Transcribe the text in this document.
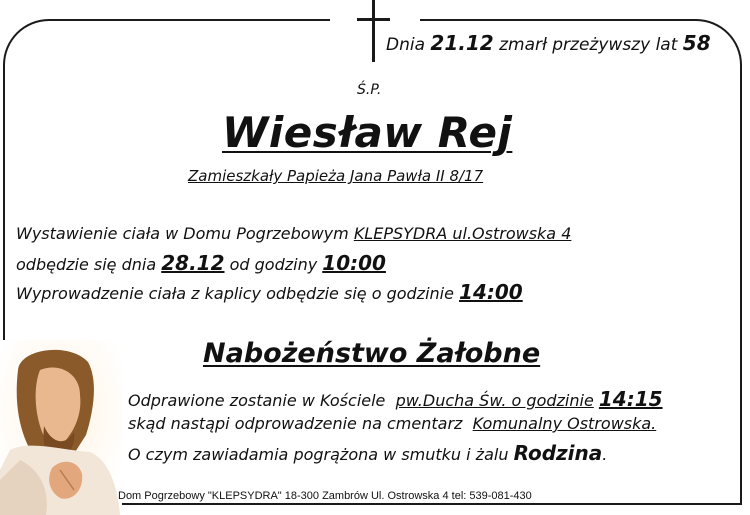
Dnia 21.12 zmarł przeżywszy lat 58
Ś.P.
Wiesław Rej
Zamieszkały Papieża Jana Pawła II 8/17
Wystawienie ciała w Domu Pogrzebowym KLEPSYDRA ul.Ostrowska 4
odbędzie się dnia 28.12 od godziny 10:00
Wyprowadzenie ciała z kaplicy odbędzie się o godzinie 14:00
Nabożeństwo Żałobne
Odprawione zostanie w Kościele pw.Ducha Św. o godzinie 14:15
skąd nastąpi odprowadzenie na cmentarz Komunalny Ostrowska.
O czym zawiadamia pogrążona w smutku i żalu Rodzina.
Dom Pogrzebowy "KLEPSYDRA" 18-300 Zambrów Ul. Ostrowska 4 tel: 539-081-430
